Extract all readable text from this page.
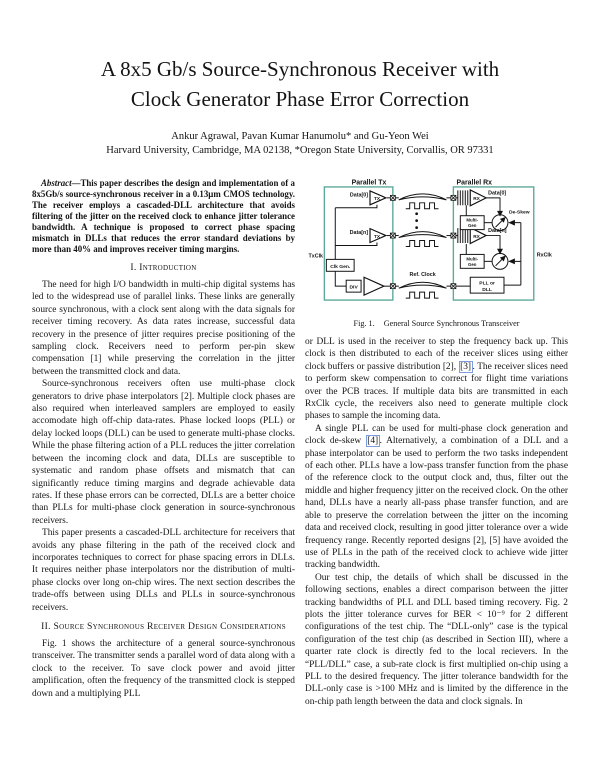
A 8x5 Gb/s Source-Synchronous Receiver with
Clock Generator Phase Error Correction
Ankur Agrawal, Pavan Kumar Hanumolu* and Gu-Yeon Wei
Harvard University, Cambridge, MA 02138, *Oregon State University, Corvallis, OR 97331

Abstract—This paper describes the design and implementation of a 8x5Gb/s source-synchronous receiver in a 0.13μm CMOS technology. The receiver employs a cascaded-DLL architecture that avoids filtering of the jitter on the received clock to enhance jitter tolerance bandwidth. A technique is proposed to correct phase spacing mismatch in DLLs that reduces the error standard deviations by more than 40% and improves receiver timing margins.

I. Introduction

The need for high I/O bandwidth in multi-chip digital systems has led to the widespread use of parallel links. These links are generally source synchronous, with a clock sent along with the data signals for receiver timing recovery. As data rates increase, successful data recovery in the presence of jitter requires precise positioning of the sampling clock. Receivers need to perform per-pin skew compensation [1] while preserving the correlation in the jitter between the transmitted clock and data.

Source-synchronous receivers often use multi-phase clock generators to drive phase interpolators [2]. Multiple clock phases are also required when interleaved samplers are employed to easily accomodate high off-chip data-rates. Phase locked loops (PLL) or delay locked loops (DLL) can be used to generate multi-phase clocks. While the phase filtering action of a PLL reduces the jitter correlation between the incoming clock and data, DLLs are susceptible to systematic and random phase offsets and mismatch that can significantly reduce timing margins and degrade achievable data rates. If these phase errors can be corrected, DLLs are a better choice than PLLs for multi-phase clock generation in source-synchronous receivers.

This paper presents a cascaded-DLL architecture for receivers that avoids any phase filtering in the path of the received clock and incorporates techniques to correct for phase spacing errors in DLLs. It requires neither phase interpolators nor the distribution of multi-phase clocks over long on-chip wires. The next section describes the trade-offs between using DLLs and PLLs in source-synchronous receivers.

II. Source Synchronous Receiver Design Considerations

Fig. 1 shows the architecture of a general source-synchronous transceiver. The transmitter sends a parallel word of data along with a clock to the receiver. To save clock power and avoid jitter amplification, often the frequency of the transmitted clock is stepped down and a multiplying PLL

Parallel Tx	Parallel Rx
TX
TX
RX
RX
Clk Gen.
DIV
Multi-
Gen
Multi-
Gen
PLL or
DLL
Data[0]
Data[n]
TxClk
Ref. Clock
Data[0]
Data[n]
De-Skew
RxClk
Fig. 1. General Source Synchronous Transceiver

or DLL is used in the receiver to step the frequency back up. This clock is then distributed to each of the receiver slices using either clock buffers or passive distribution [2], [3] . The receiver slices need to perform skew compensation to correct for flight time variations over the PCB traces. If multiple data bits are transmitted in each RxClk cycle, the receivers also need to generate multiple clock phases to sample the incoming data.

A single PLL can be used for multi-phase clock generation and clock de-skew [4] . Alternatively, a combination of a DLL and a phase interpolator can be used to perform the two tasks independent of each other. PLLs have a low-pass transfer function from the phase of the reference clock to the output clock and, thus, filter out the middle and higher frequency jitter on the received clock. On the other hand, DLLs have a nearly all-pass phase transfer function, and are able to preserve the correlation between the jitter on the incoming data and received clock, resulting in good jitter tolerance over a wide frequency range. Recently reported designs [2], [5] have avoided the use of PLLs in the path of the received clock to achieve wide jitter tracking bandwidth.

Our test chip, the details of which shall be discussed in the following sections, enables a direct comparison between the jitter tracking bandwidths of PLL and DLL based timing recovery. Fig. 2 plots the jitter tolerance curves for BER < 10⁻⁹ for 2 different configurations of the test chip. The “DLL-only” case is the typical configuration of the test chip (as described in Section III), where a quarter rate clock is directly fed to the local recievers. In the “PLL/DLL” case, a sub-rate clock is first multiplied on-chip using a PLL to the desired frequency. The jitter tolerance bandwidth for the DLL-only case is >100 MHz and is limited by the difference in the on-chip path length between the data and clock signals. In
